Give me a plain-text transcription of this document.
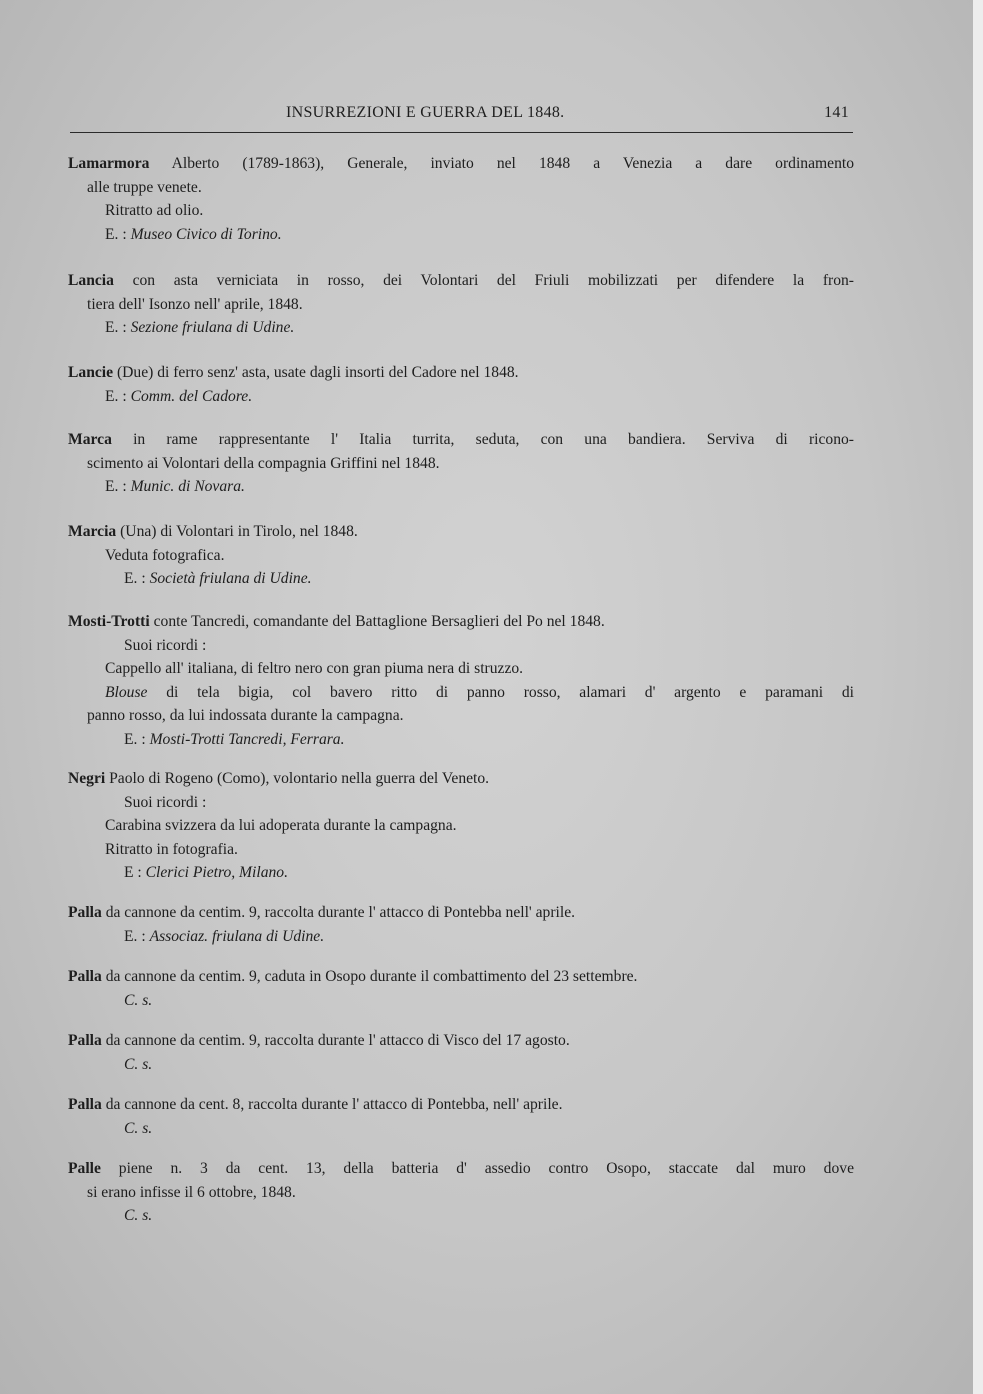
INSURREZIONI E GUERRA DEL 1848.	141
Lamarmora Alberto (1789-1863), Generale, inviato nel 1848 a Venezia a dare ordinamento
alle truppe venete.
Ritratto ad olio.
E. : Museo Civico di Torino.
Lancia con asta verniciata in rosso, dei Volontari del Friuli mobilizzati per difendere la fron-
tiera dell' Isonzo nell' aprile, 1848.
E. : Sezione friulana di Udine.
Lancie (Due) di ferro senz' asta, usate dagli insorti del Cadore nel 1848.
E. : Comm. del Cadore.
Marca in rame rappresentante l' Italia turrita, seduta, con una bandiera. Serviva di ricono-
scimento ai Volontari della compagnia Griffini nel 1848.
E. : Munic. di Novara.
Marcia (Una) di Volontari in Tirolo, nel 1848.
Veduta fotografica.
E. : Società friulana di Udine.
Mosti-Trotti conte Tancredi, comandante del Battaglione Bersaglieri del Po nel 1848.
Suoi ricordi :
Cappello all' italiana, di feltro nero con gran piuma nera di struzzo.
Blouse di tela bigia, col bavero ritto di panno rosso, alamari d' argento e paramani di
panno rosso, da lui indossata durante la campagna.
E. : Mosti-Trotti Tancredi, Ferrara.
Negri Paolo di Rogeno (Como), volontario nella guerra del Veneto.
Suoi ricordi :
Carabina svizzera da lui adoperata durante la campagna.
Ritratto in fotografia.
E : Clerici Pietro, Milano.
Palla da cannone da centim. 9, raccolta durante l' attacco di Pontebba nell' aprile.
E. : Associaz. friulana di Udine.
Palla da cannone da centim. 9, caduta in Osopo durante il combattimento del 23 settembre.
C. s.
Palla da cannone da centim. 9, raccolta durante l' attacco di Visco del 17 agosto.
C. s.
Palla da cannone da cent. 8, raccolta durante l' attacco di Pontebba, nell' aprile.
C. s.
Palle piene n. 3 da cent. 13, della batteria d' assedio contro Osopo, staccate dal muro dove
si erano infisse il 6 ottobre, 1848.
C. s.
